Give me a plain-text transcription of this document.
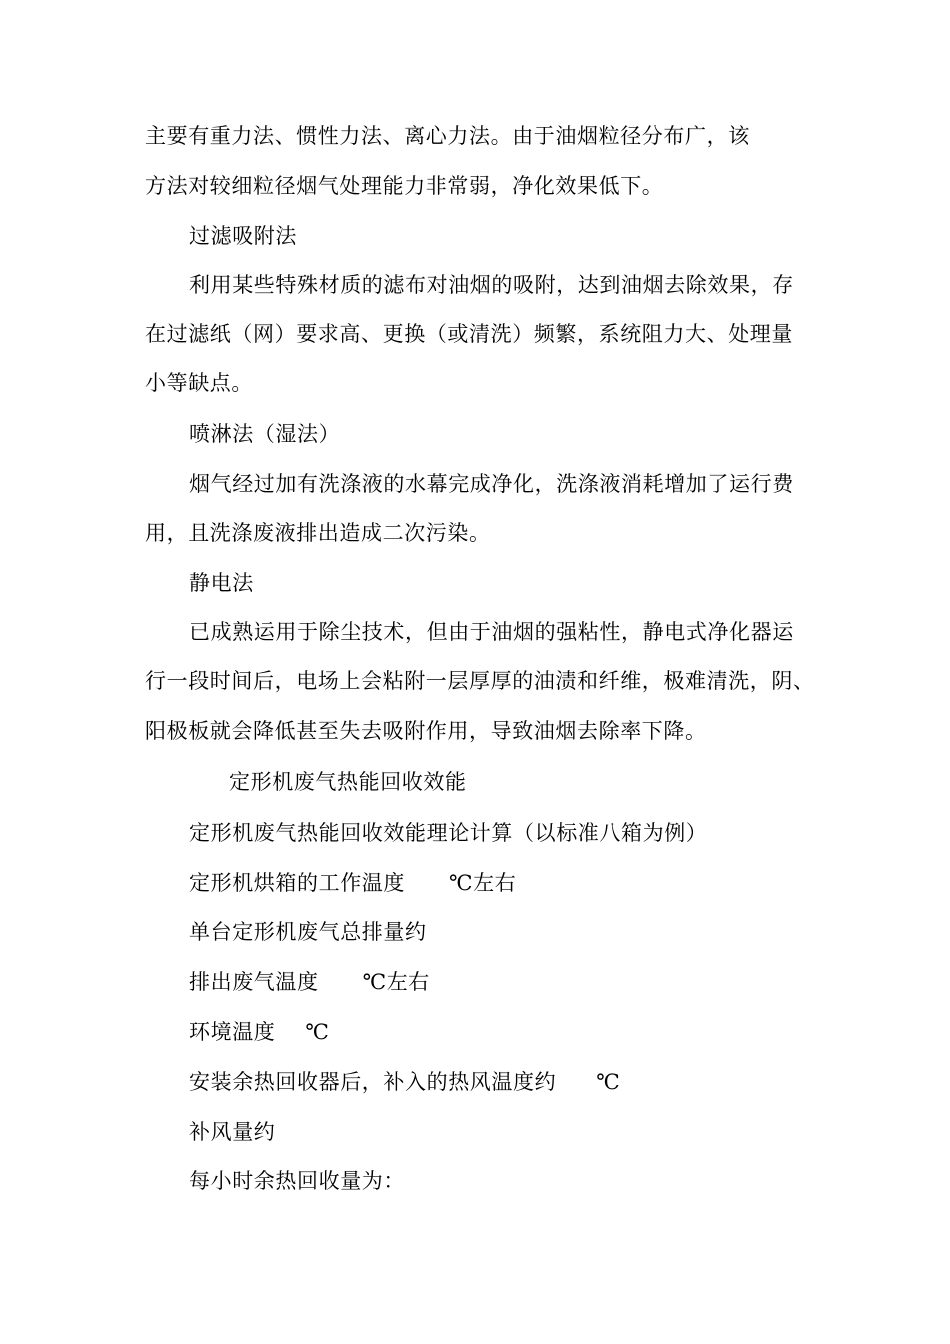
主要有重力法、惯性力法、离心力法。由于油烟粒径分布广，该
方法对较细粒径烟气处理能力非常弱，净化效果低下。
过滤吸附法
利用某些特殊材质的滤布对油烟的吸附，达到油烟去除效果，存
在过滤纸（网）要求高、更换（或清洗）频繁，系统阻力大、处理量
小等缺点。
喷淋法（湿法）
烟气经过加有洗涤液的水幕完成净化，洗涤液消耗增加了运行费
用，且洗涤废液排出造成二次污染。
静电法
已成熟运用于除尘技术，但由于油烟的强粘性，静电式净化器运
行一段时间后，电场上会粘附一层厚厚的油渍和纤维，极难清洗，阴、
阳极板就会降低甚至失去吸附作用，导致油烟去除率下降。
定形机废气热能回收效能
定形机废气热能回收效能理论计算（以标准八箱为例）
定形机烘箱的工作温度 ℃左右
单台定形机废气总排量约
排出废气温度 ℃左右
环境温度 ℃
安装余热回收器后，补入的热风温度约 ℃
补风量约
每小时余热回收量为：
